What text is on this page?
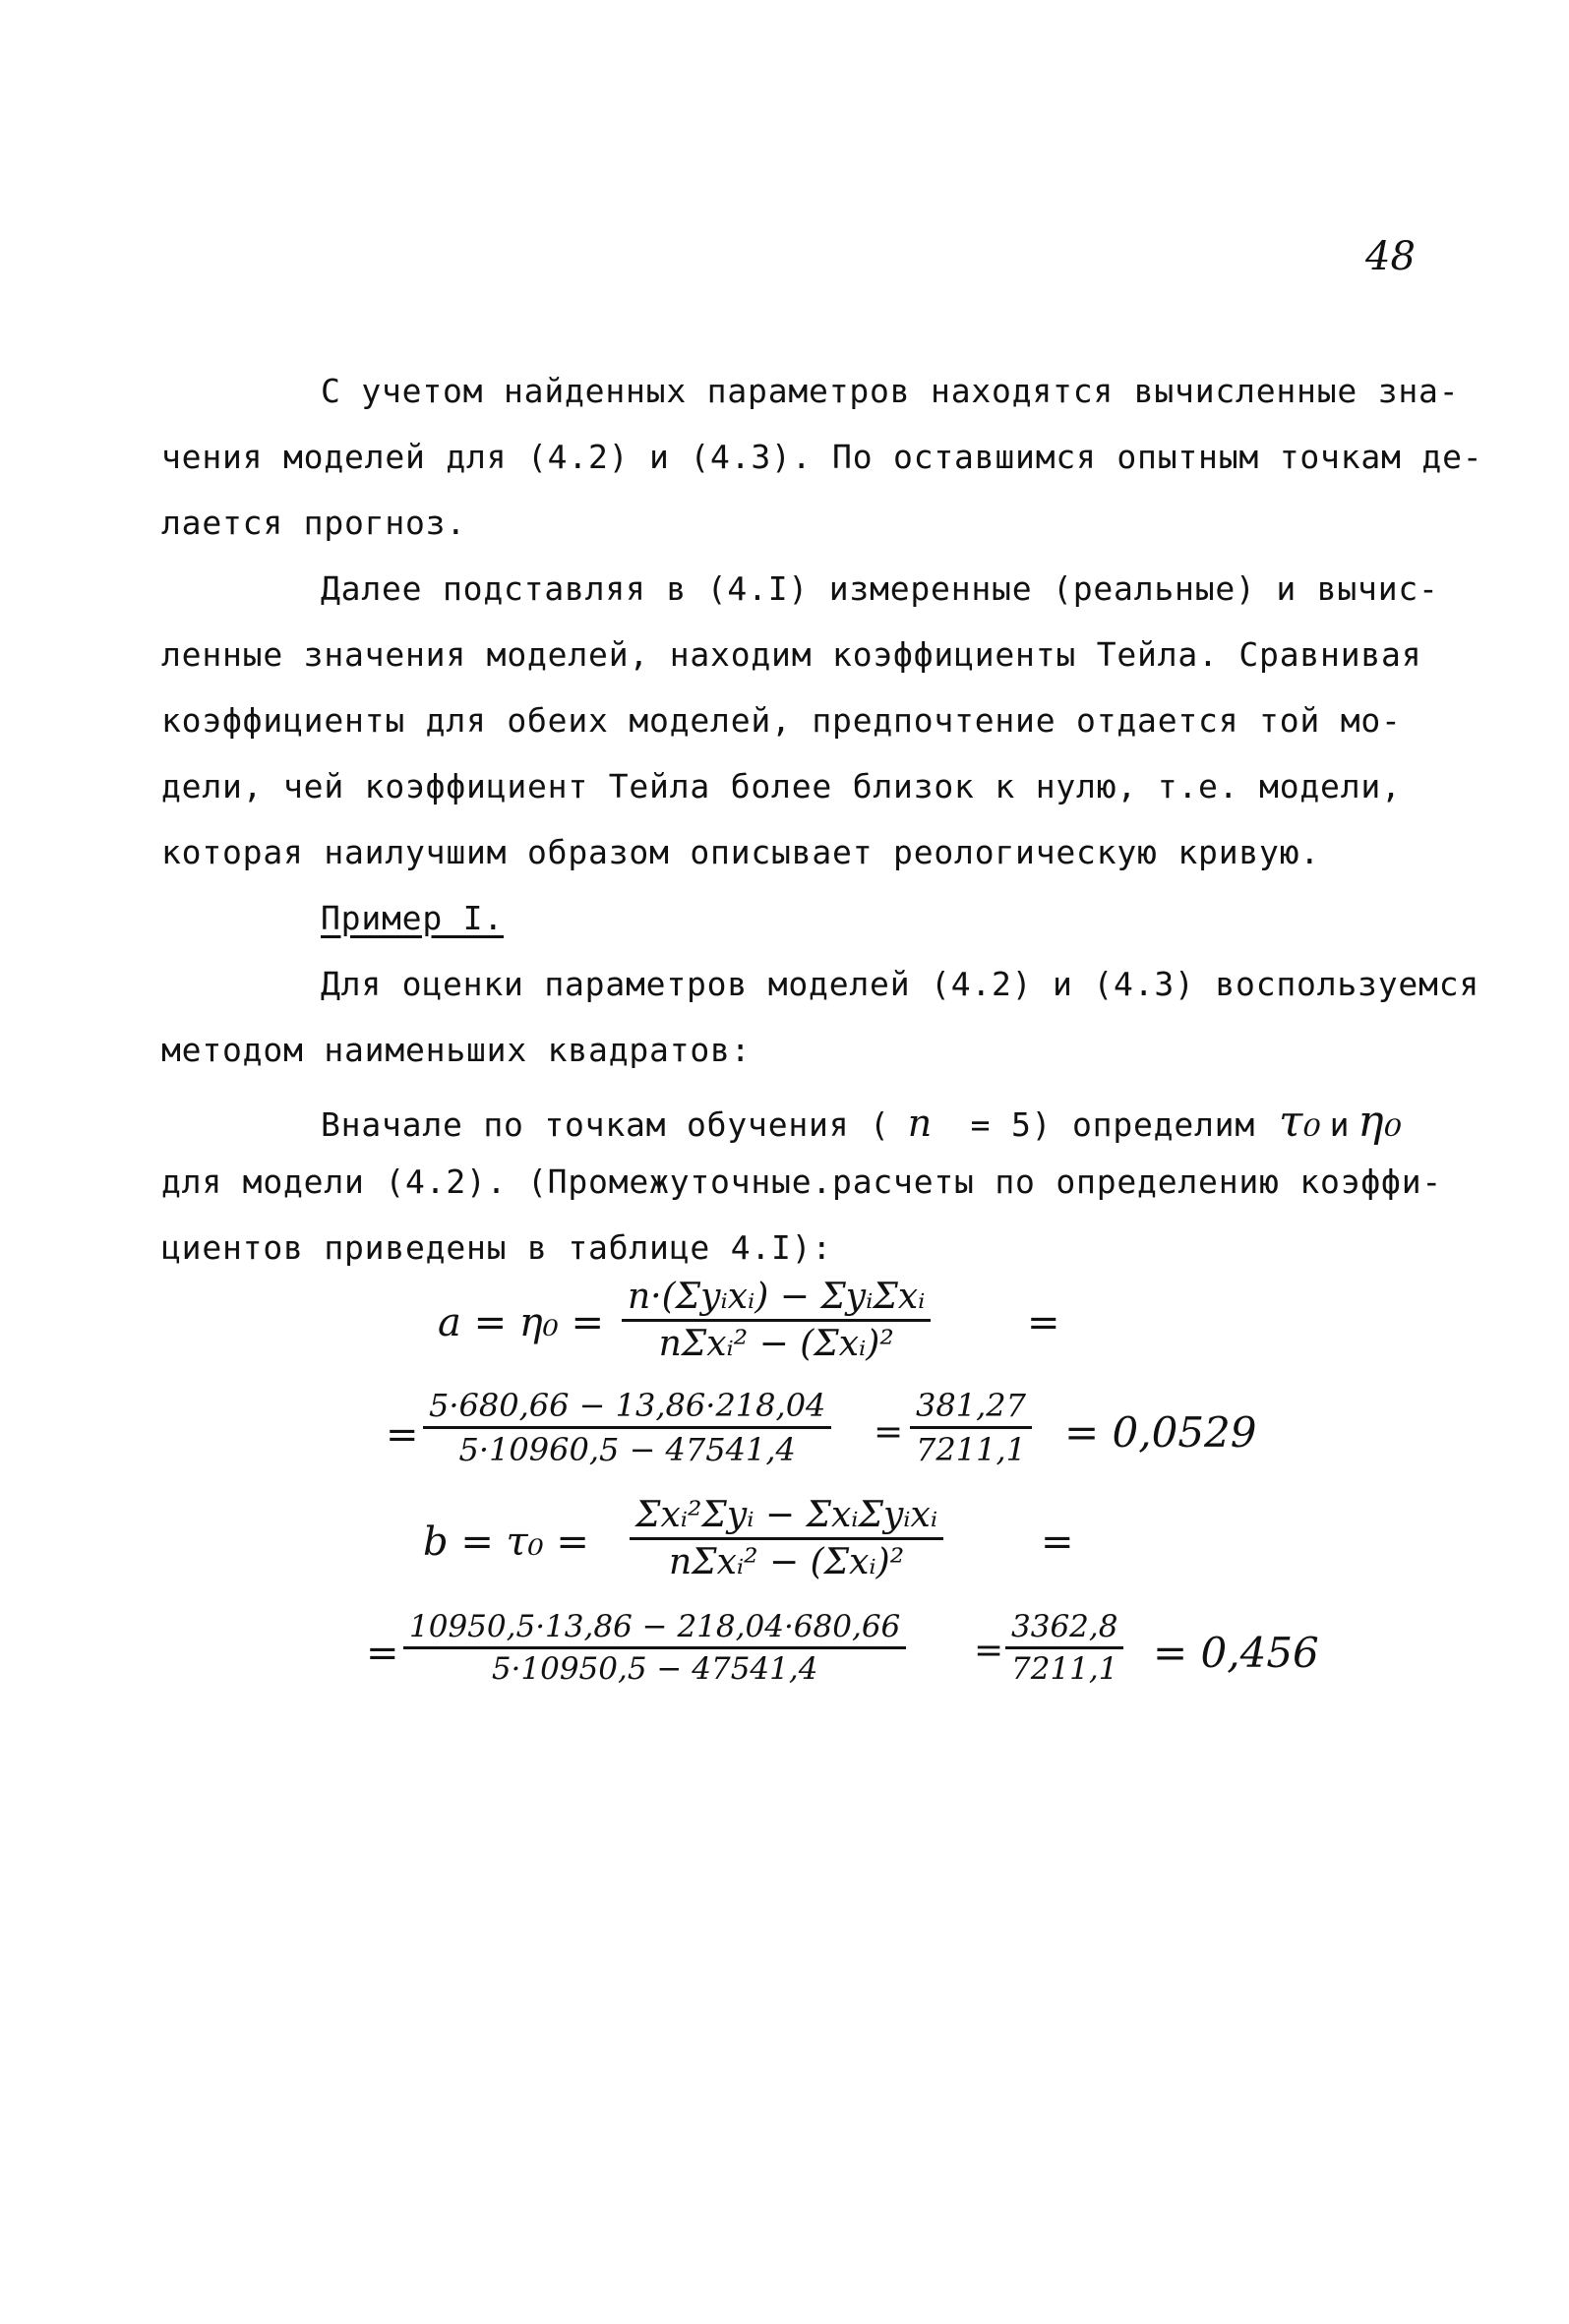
48
С учетом найденных параметров находятся вычисленные зна-
чения моделей для (4.2) и (4.3). По оставшимся опытным точкам де-
лается прогноз.
Далее подставляя в (4.I) измеренные (реальные) и вычис-
ленные значения моделей, находим коэффициенты Тейла. Сравнивая
коэффициенты для обеих моделей, предпочтение отдается той мо-
дели, чей коэффициент Тейла более близок к нулю, т.е. модели,
которая наилучшим образом описывает реологическую кривую.
Пример I.
Для оценки параметров моделей (4.2) и (4.3) воспользуемся
методом наименьших квадратов:
Вначале по точкам обучения ( n = 5) определим τ₀ и η₀
для модели (4.2). (Промежуточные.расчеты по определению коэффи-
циентов приведены в таблице 4.I):
a = η₀ =
n·(Σyᵢxᵢ) − ΣyᵢΣxᵢ
nΣxᵢ² − (Σxᵢ)²	=
= $\frac{5\cdot 680,66 - 13,86\cdot 218,04}{5\cdot 10960,5 - 47541,4} = \frac{381,27}{7211,1} = 0,0529$
b = τ₀ =
Σxᵢ²Σyᵢ − ΣxᵢΣyᵢxᵢ
nΣxᵢ² − (Σxᵢ)²	=
= $\frac{10950,5\cdot 13,86 - 218,04\cdot 680,66}{5\cdot 10950,5 - 47541,4} = \frac{3362,8}{7211,1} = 0,456$
